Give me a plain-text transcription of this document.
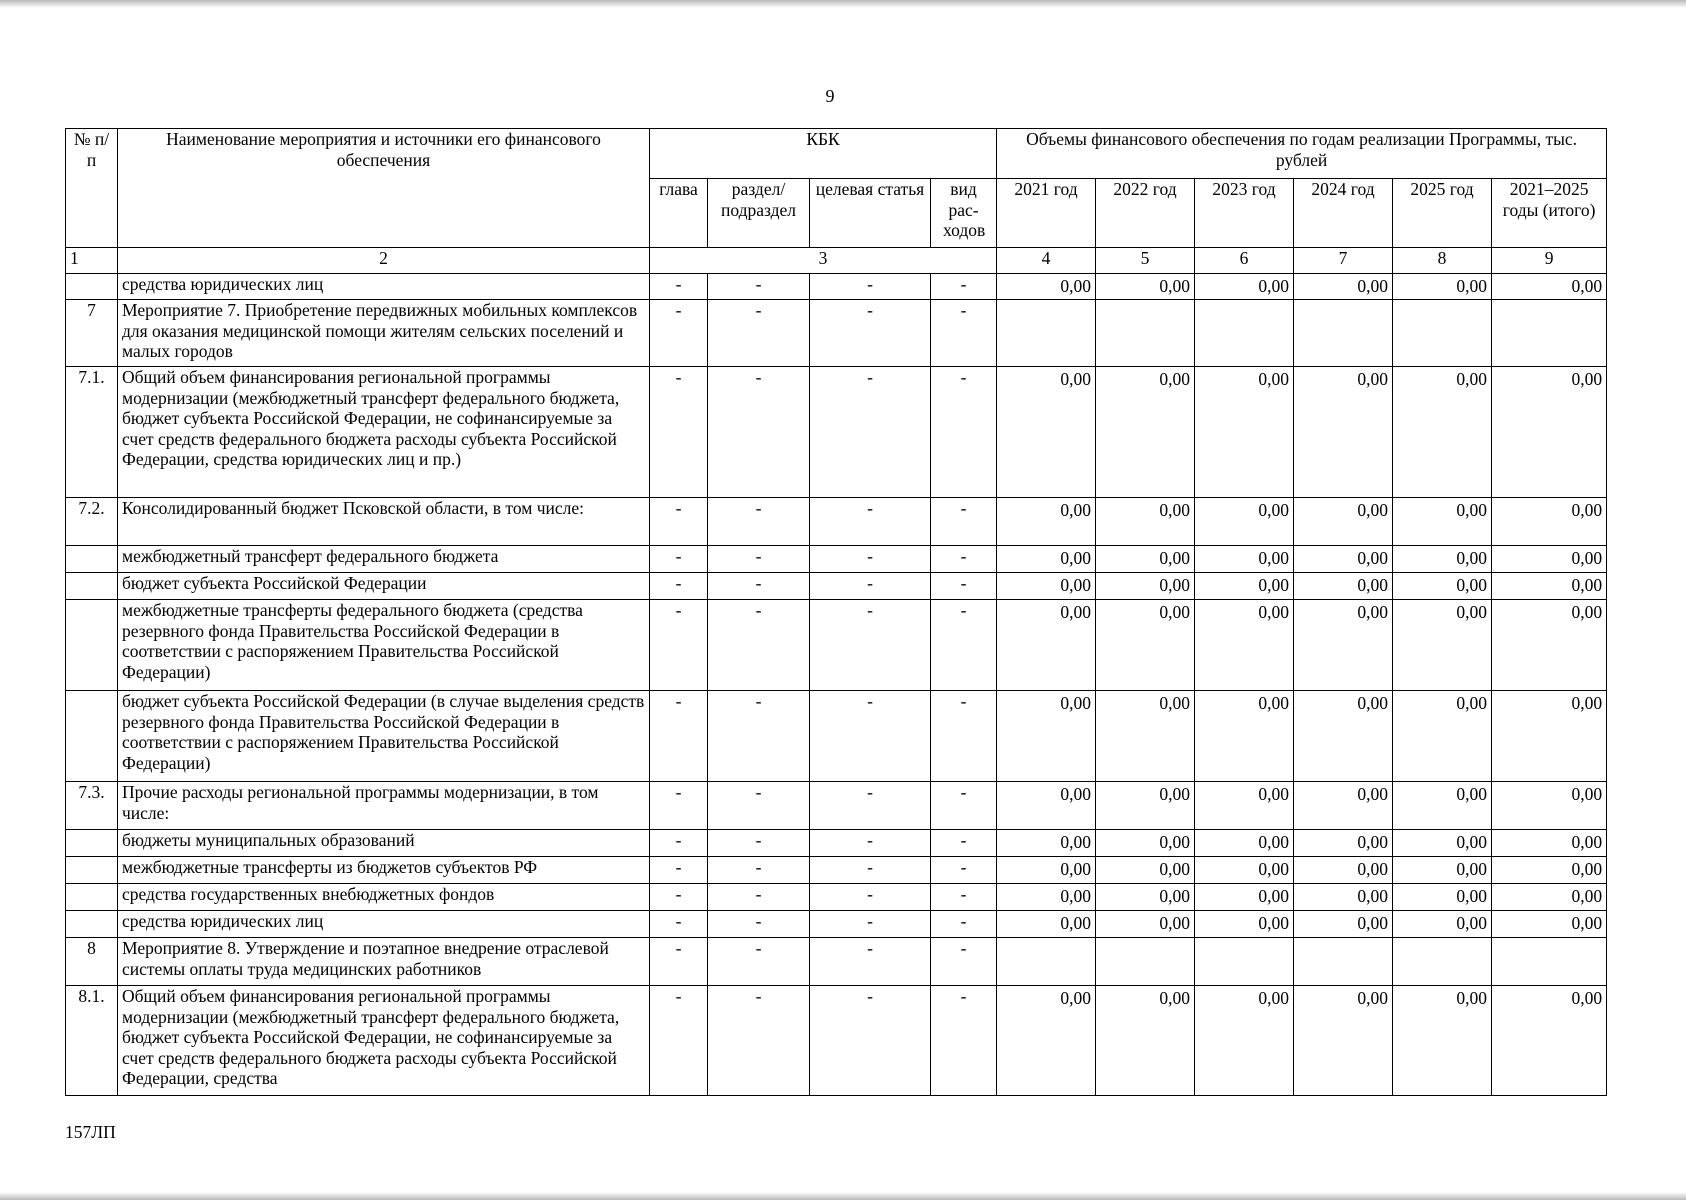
9
№ п/п	Наименование мероприятия и источники его финансового обеспечения	КБК				Объемы финансового обеспечения по годам реализации Программы, тыс. рублей					
		глава	раздел/ подраздел	целевая статья	вид рас-ходов	2021 год	2022 год	2023 год	2024 год	2025 год	2021–2025 годы (итого)
1	2	3				4	5	6	7	8	9
	средства юридических лиц	-	-	-	-	0,00	0,00	0,00	0,00	0,00	0,00
7	Мероприятие 7. Приобретение передвижных мобильных комплексов для оказания медицинской помощи жителям сельских поселений и малых городов	-	-	-	-						
7.1.	Общий объем финансирования региональной программы модернизации (межбюджетный трансферт федерального бюджета, бюджет субъекта Российской Федерации, не софинансируемые за счет средств федерального бюджета расходы субъекта Российской Федерации, средства юридических лиц и пр.)	-	-	-	-	0,00	0,00	0,00	0,00	0,00	0,00
7.2.	Консолидированный бюджет Псковской области, в том числе:	-	-	-	-	0,00	0,00	0,00	0,00	0,00	0,00
	межбюджетный трансферт федерального бюджета	-	-	-	-	0,00	0,00	0,00	0,00	0,00	0,00
	бюджет субъекта Российской Федерации	-	-	-	-	0,00	0,00	0,00	0,00	0,00	0,00
	межбюджетные трансферты федерального бюджета (средства резервного фонда Правительства Российской Федерации в соответствии с распоряжением Правительства Российской Федерации)	-	-	-	-	0,00	0,00	0,00	0,00	0,00	0,00
	бюджет субъекта Российской Федерации (в случае выделения средств резервного фонда Правительства Российской Федерации в соответствии с распоряжением Правительства Российской Федерации)	-	-	-	-	0,00	0,00	0,00	0,00	0,00	0,00
7.3.	Прочие расходы региональной программы модернизации, в том числе:	-	-	-	-	0,00	0,00	0,00	0,00	0,00	0,00
	бюджеты муниципальных образований	-	-	-	-	0,00	0,00	0,00	0,00	0,00	0,00
	межбюджетные трансферты из бюджетов субъектов РФ	-	-	-	-	0,00	0,00	0,00	0,00	0,00	0,00
	средства государственных внебюджетных фондов	-	-	-	-	0,00	0,00	0,00	0,00	0,00	0,00
	средства юридических лиц	-	-	-	-	0,00	0,00	0,00	0,00	0,00	0,00
8	Мероприятие 8. Утверждение и поэтапное внедрение отраслевой системы оплаты труда медицинских работников	-	-	-	-						
8.1.	Общий объем финансирования региональной программы модернизации (межбюджетный трансферт федерального бюджета, бюджет субъекта Российской Федерации, не софинансируемые за счет средств федерального бюджета расходы субъекта Российской Федерации, средства	-	-	-	-	0,00	0,00	0,00	0,00	0,00	0,00
157ЛП
